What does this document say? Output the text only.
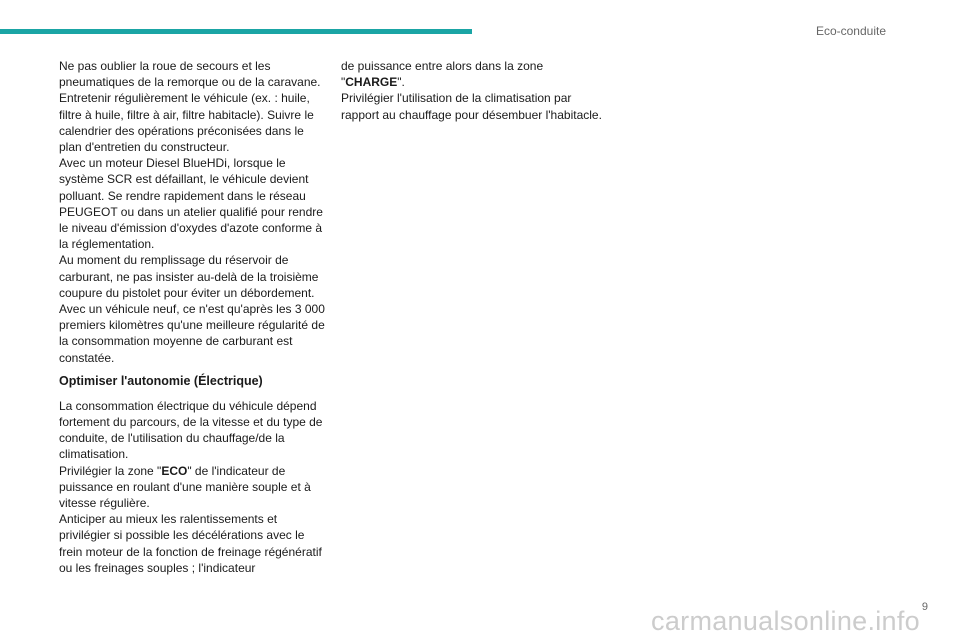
Eco-conduite

Ne pas oublier la roue de secours et les pneumatiques de la remorque ou de la caravane.

Entretenir régulièrement le véhicule (ex. : huile, filtre à huile, filtre à air, filtre habitacle). Suivre le calendrier des opérations préconisées dans le plan d'entretien du constructeur.

Avec un moteur Diesel BlueHDi, lorsque le système SCR est défaillant, le véhicule devient polluant. Se rendre rapidement dans le réseau PEUGEOT ou dans un atelier qualifié pour rendre le niveau d'émission d'oxydes d'azote conforme à la réglementation.

Au moment du remplissage du réservoir de carburant, ne pas insister au-delà de la troisième coupure du pistolet pour éviter un débordement.

Avec un véhicule neuf, ce n'est qu'après les 3 000 premiers kilomètres qu'une meilleure régularité de la consommation moyenne de carburant est constatée.

Optimiser l'autonomie (Électrique)

La consommation électrique du véhicule dépend fortement du parcours, de la vitesse et du type de conduite, de l'utilisation du chauffage/de la climatisation.

Privilégier la zone "ECO" de l'indicateur de puissance en roulant d'une manière souple et à vitesse régulière.

Anticiper au mieux les ralentissements et privilégier si possible les décélérations avec le frein moteur de la fonction de freinage régénératif ou les freinages souples ; l'indicateur

de puissance entre alors dans la zone "CHARGE".

Privilégier l'utilisation de la climatisation par rapport au chauffage pour désembuer l'habitacle.

9
carmanualsonline.info
